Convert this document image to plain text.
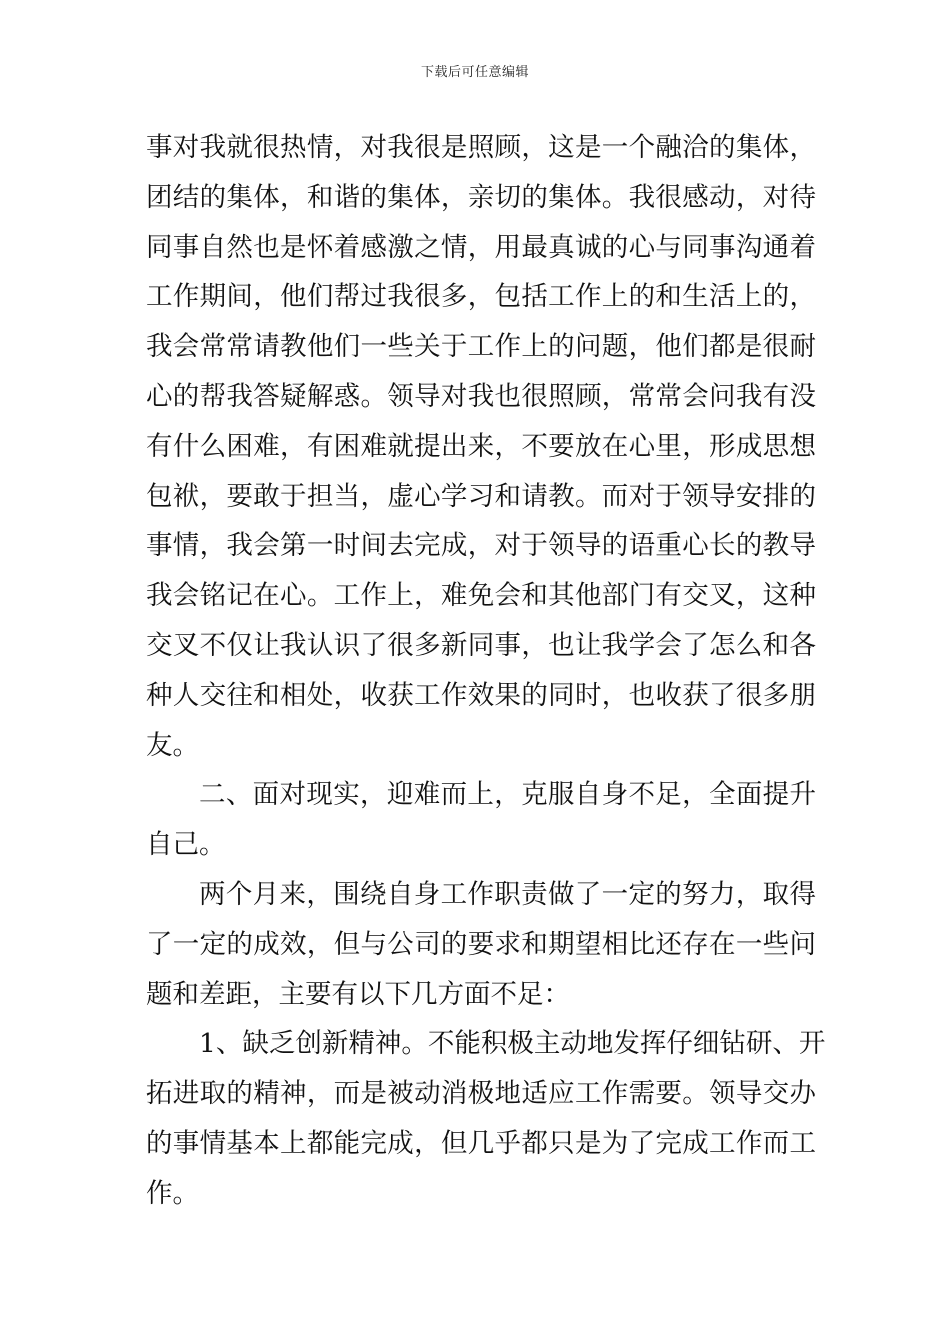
下载后可任意编辑
事对我就很热情，对我很是照顾，这是一个融洽的集体，
团结的集体，和谐的集体，亲切的集体。我很感动，对待
同事自然也是怀着感激之情，用最真诚的心与同事沟通着
工作期间，他们帮过我很多，包括工作上的和生活上的，
我会常常请教他们一些关于工作上的问题，他们都是很耐
心的帮我答疑解惑。领导对我也很照顾，常常会问我有没
有什么困难，有困难就提出来，不要放在心里，形成思想
包袱，要敢于担当，虚心学习和请教。而对于领导安排的
事情，我会第一时间去完成，对于领导的语重心长的教导
我会铭记在心。工作上，难免会和其他部门有交叉，这种
交叉不仅让我认识了很多新同事，也让我学会了怎么和各
种人交往和相处，收获工作效果的同时，也收获了很多朋
友。
二、面对现实，迎难而上，克服自身不足，全面提升
自己。
两个月来，围绕自身工作职责做了一定的努力，取得
了一定的成效，但与公司的要求和期望相比还存在一些问
题和差距，主要有以下几方面不足：
1、缺乏创新精神。不能积极主动地发挥仔细钻研、开
拓进取的精神，而是被动消极地适应工作需要。领导交办
的事情基本上都能完成，但几乎都只是为了完成工作而工
作。
